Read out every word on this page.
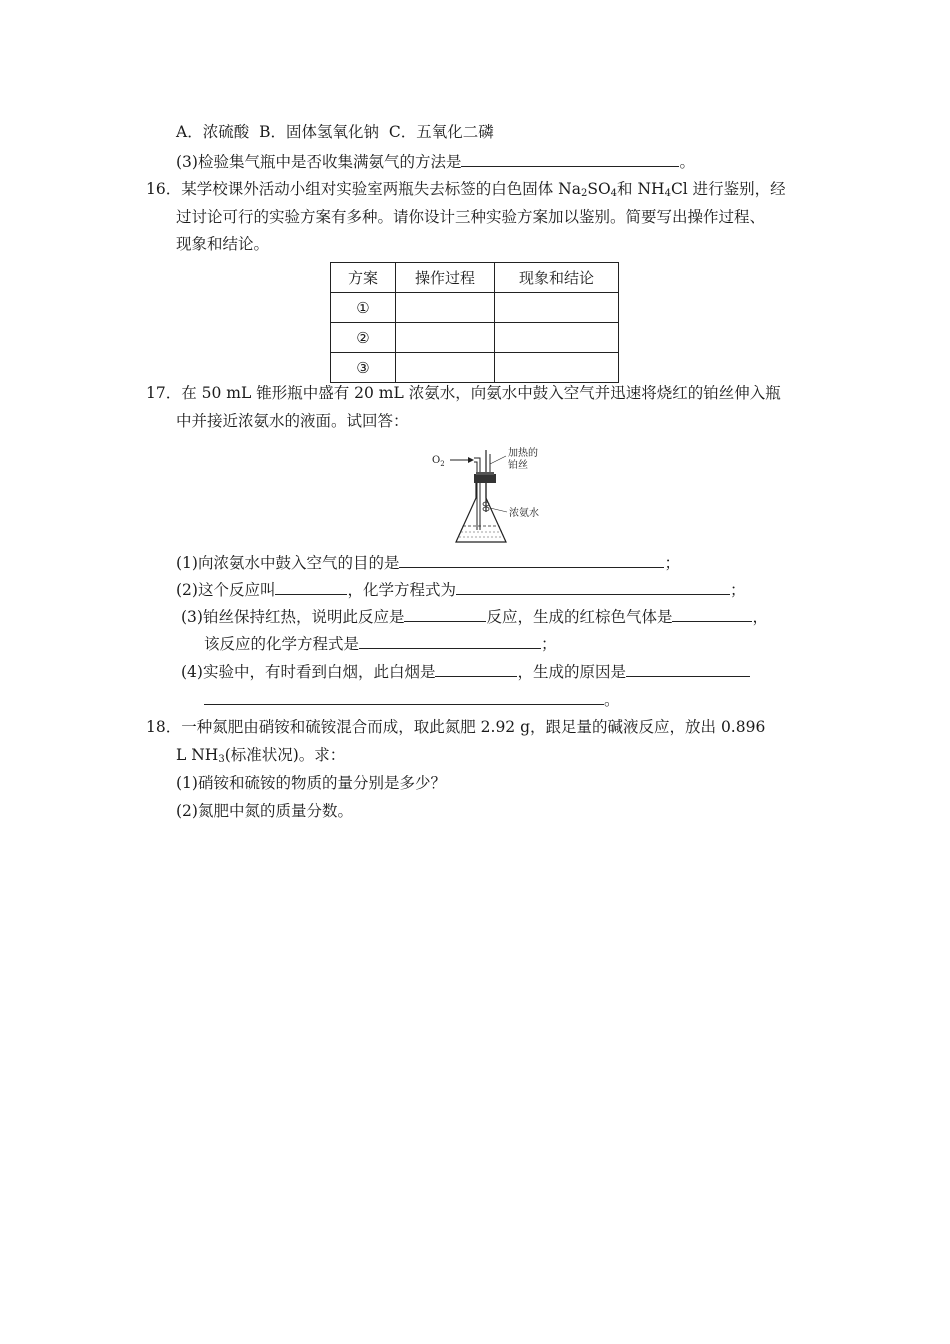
A．浓硫酸 B．固体氢氧化钠 C．五氧化二磷
(3)检验集气瓶中是否收集满氨气的方法是	。
16．某学校课外活动小组对实验室两瓶失去标签的白色固体 $Na_2SO_4$和 $NH_4Cl$ 进行鉴别，经
过讨论可行的实验方案有多种。请你设计三种实验方案加以鉴别。简要写出操作过程、
现象和结论。
方案	操作过程	现象和结论
①		
②		
③		
17．在 50 mL 锥形瓶中盛有 20 mL 浓氨水，向氨水中鼓入空气并迅速将烧红的铂丝伸入瓶
中并接近浓氨水的液面。试回答：
$O_2$
加热的
铂丝
浓氨水
(1)向浓氨水中鼓入空气的目的是	；
(2)这个反应叫	，化学方程式为	；
(3)铂丝保持红热，说明此反应是	反应，生成的红棕色气体是	，
该反应的化学方程式是	；
(4)实验中，有时看到白烟，此白烟是	，生成的原因是
。
18．一种氮肥由硝铵和硫铵混合而成，取此氮肥 2.92 g，跟足量的碱液反应，放出 0.896
L $NH_3$(标准状况)。求：
(1)硝铵和硫铵的物质的量分别是多少？
(2)氮肥中氮的质量分数。
